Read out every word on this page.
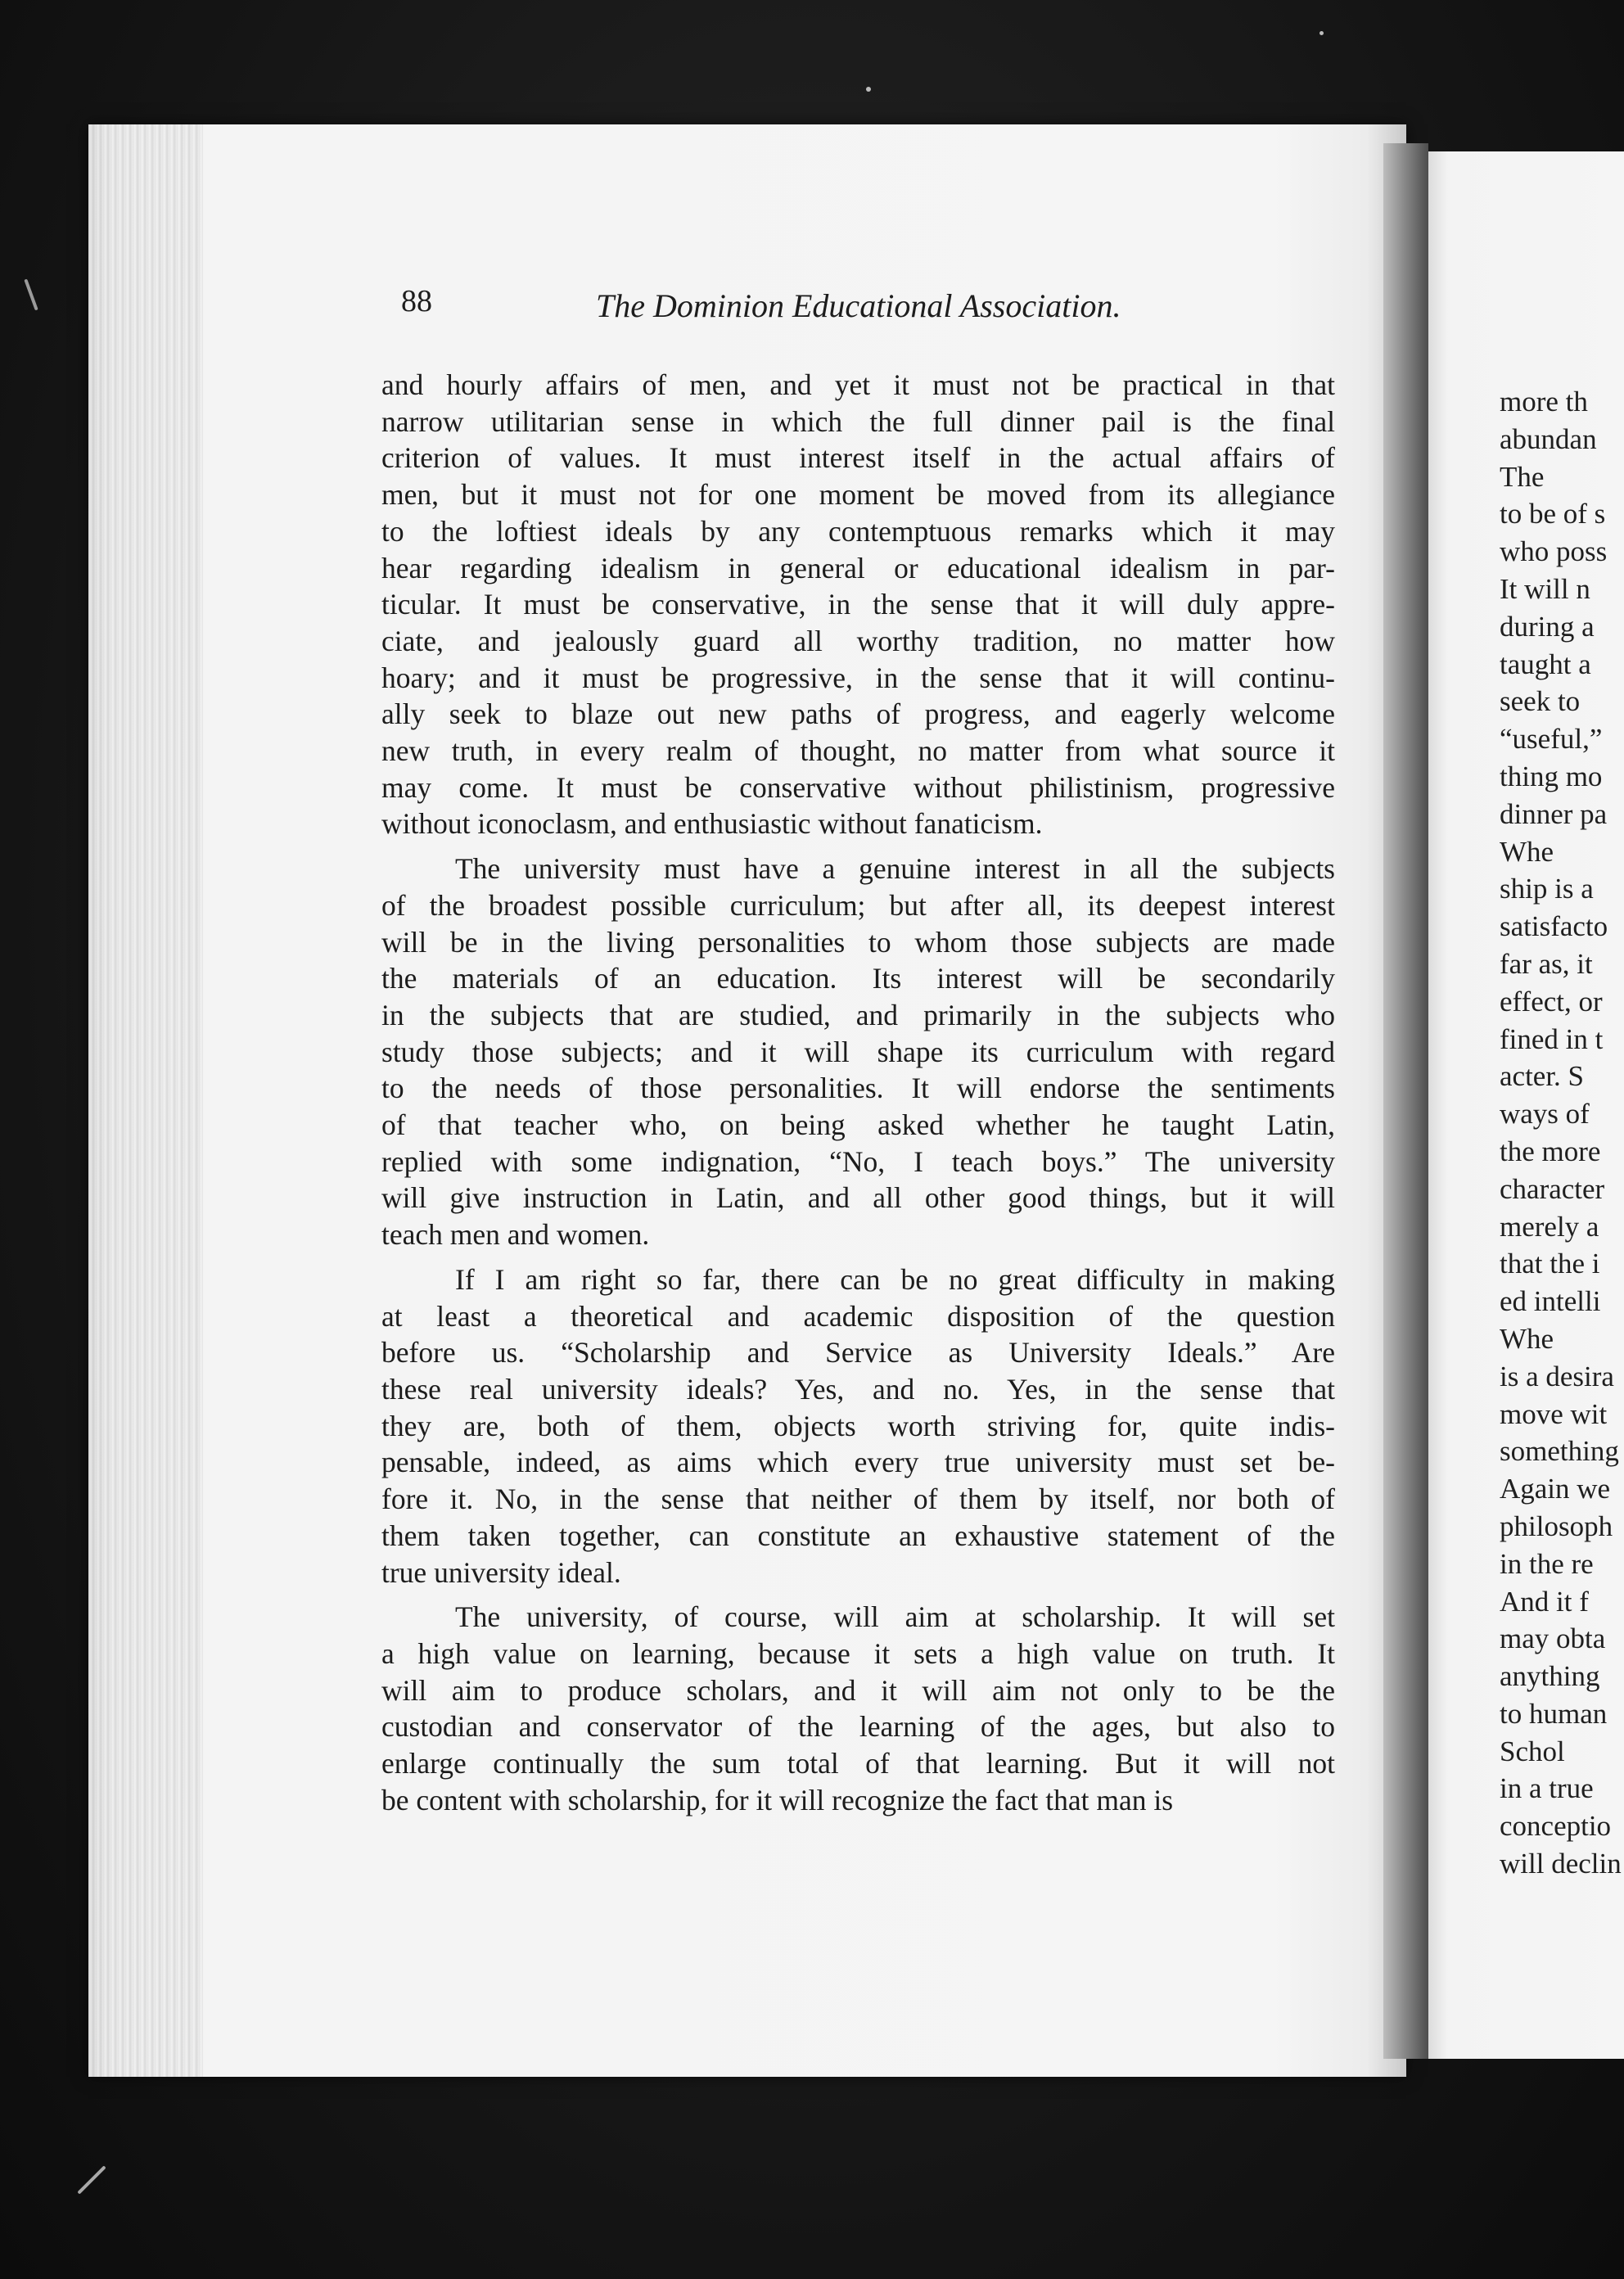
88	The Dominion Educational Association.
and hourly affairs of men, and yet it must not be practical in that
narrow utilitarian sense in which the full dinner pail is the final
criterion of values. It must interest itself in the actual affairs of
men, but it must not for one moment be moved from its allegiance
to the loftiest ideals by any contemptuous remarks which it may
hear regarding idealism in general or educational idealism in par-
ticular. It must be conservative, in the sense that it will duly appre-
ciate, and jealously guard all worthy tradition, no matter how
hoary; and it must be progressive, in the sense that it will continu-
ally seek to blaze out new paths of progress, and eagerly welcome
new truth, in every realm of thought, no matter from what source it
may come. It must be conservative without philistinism, progressive
without iconoclasm, and enthusiastic without fanaticism.
The university must have a genuine interest in all the subjects
of the broadest possible curriculum; but after all, its deepest interest
will be in the living personalities to whom those subjects are made
the materials of an education. Its interest will be secondarily
in the subjects that are studied, and primarily in the subjects who
study those subjects; and it will shape its curriculum with regard
to the needs of those personalities. It will endorse the sentiments
of that teacher who, on being asked whether he taught Latin,
replied with some indignation, “No, I teach boys.” The university
will give instruction in Latin, and all other good things, but it will
teach men and women.
If I am right so far, there can be no great difficulty in making
at least a theoretical and academic disposition of the question
before us. “Scholarship and Service as University Ideals.” Are
these real university ideals? Yes, and no. Yes, in the sense that
they are, both of them, objects worth striving for, quite indis-
pensable, indeed, as aims which every true university must set be-
fore it. No, in the sense that neither of them by itself, nor both of
them taken together, can constitute an exhaustive statement of the
true university ideal.
The university, of course, will aim at scholarship. It will set
a high value on learning, because it sets a high value on truth. It
will aim to produce scholars, and it will aim not only to be the
custodian and conservator of the learning of the ages, but also to
enlarge continually the sum total of that learning. But it will not
be content with scholarship, for it will recognize the fact that man is
more th
abundan
The
to be of s
who poss
It will n
during a
taught a
seek to
“useful,”
thing mo
dinner pa
Whe
ship is a
satisfacto
far as, it
effect, or
fined in t
acter. S
ways of
the more
character
merely a
that the i
ed intelli
Whe
is a desira
move wit
something
Again we
philosoph
in the re
And it f
may obta
anything
to human
Schol
in a true
conceptio
will declin
